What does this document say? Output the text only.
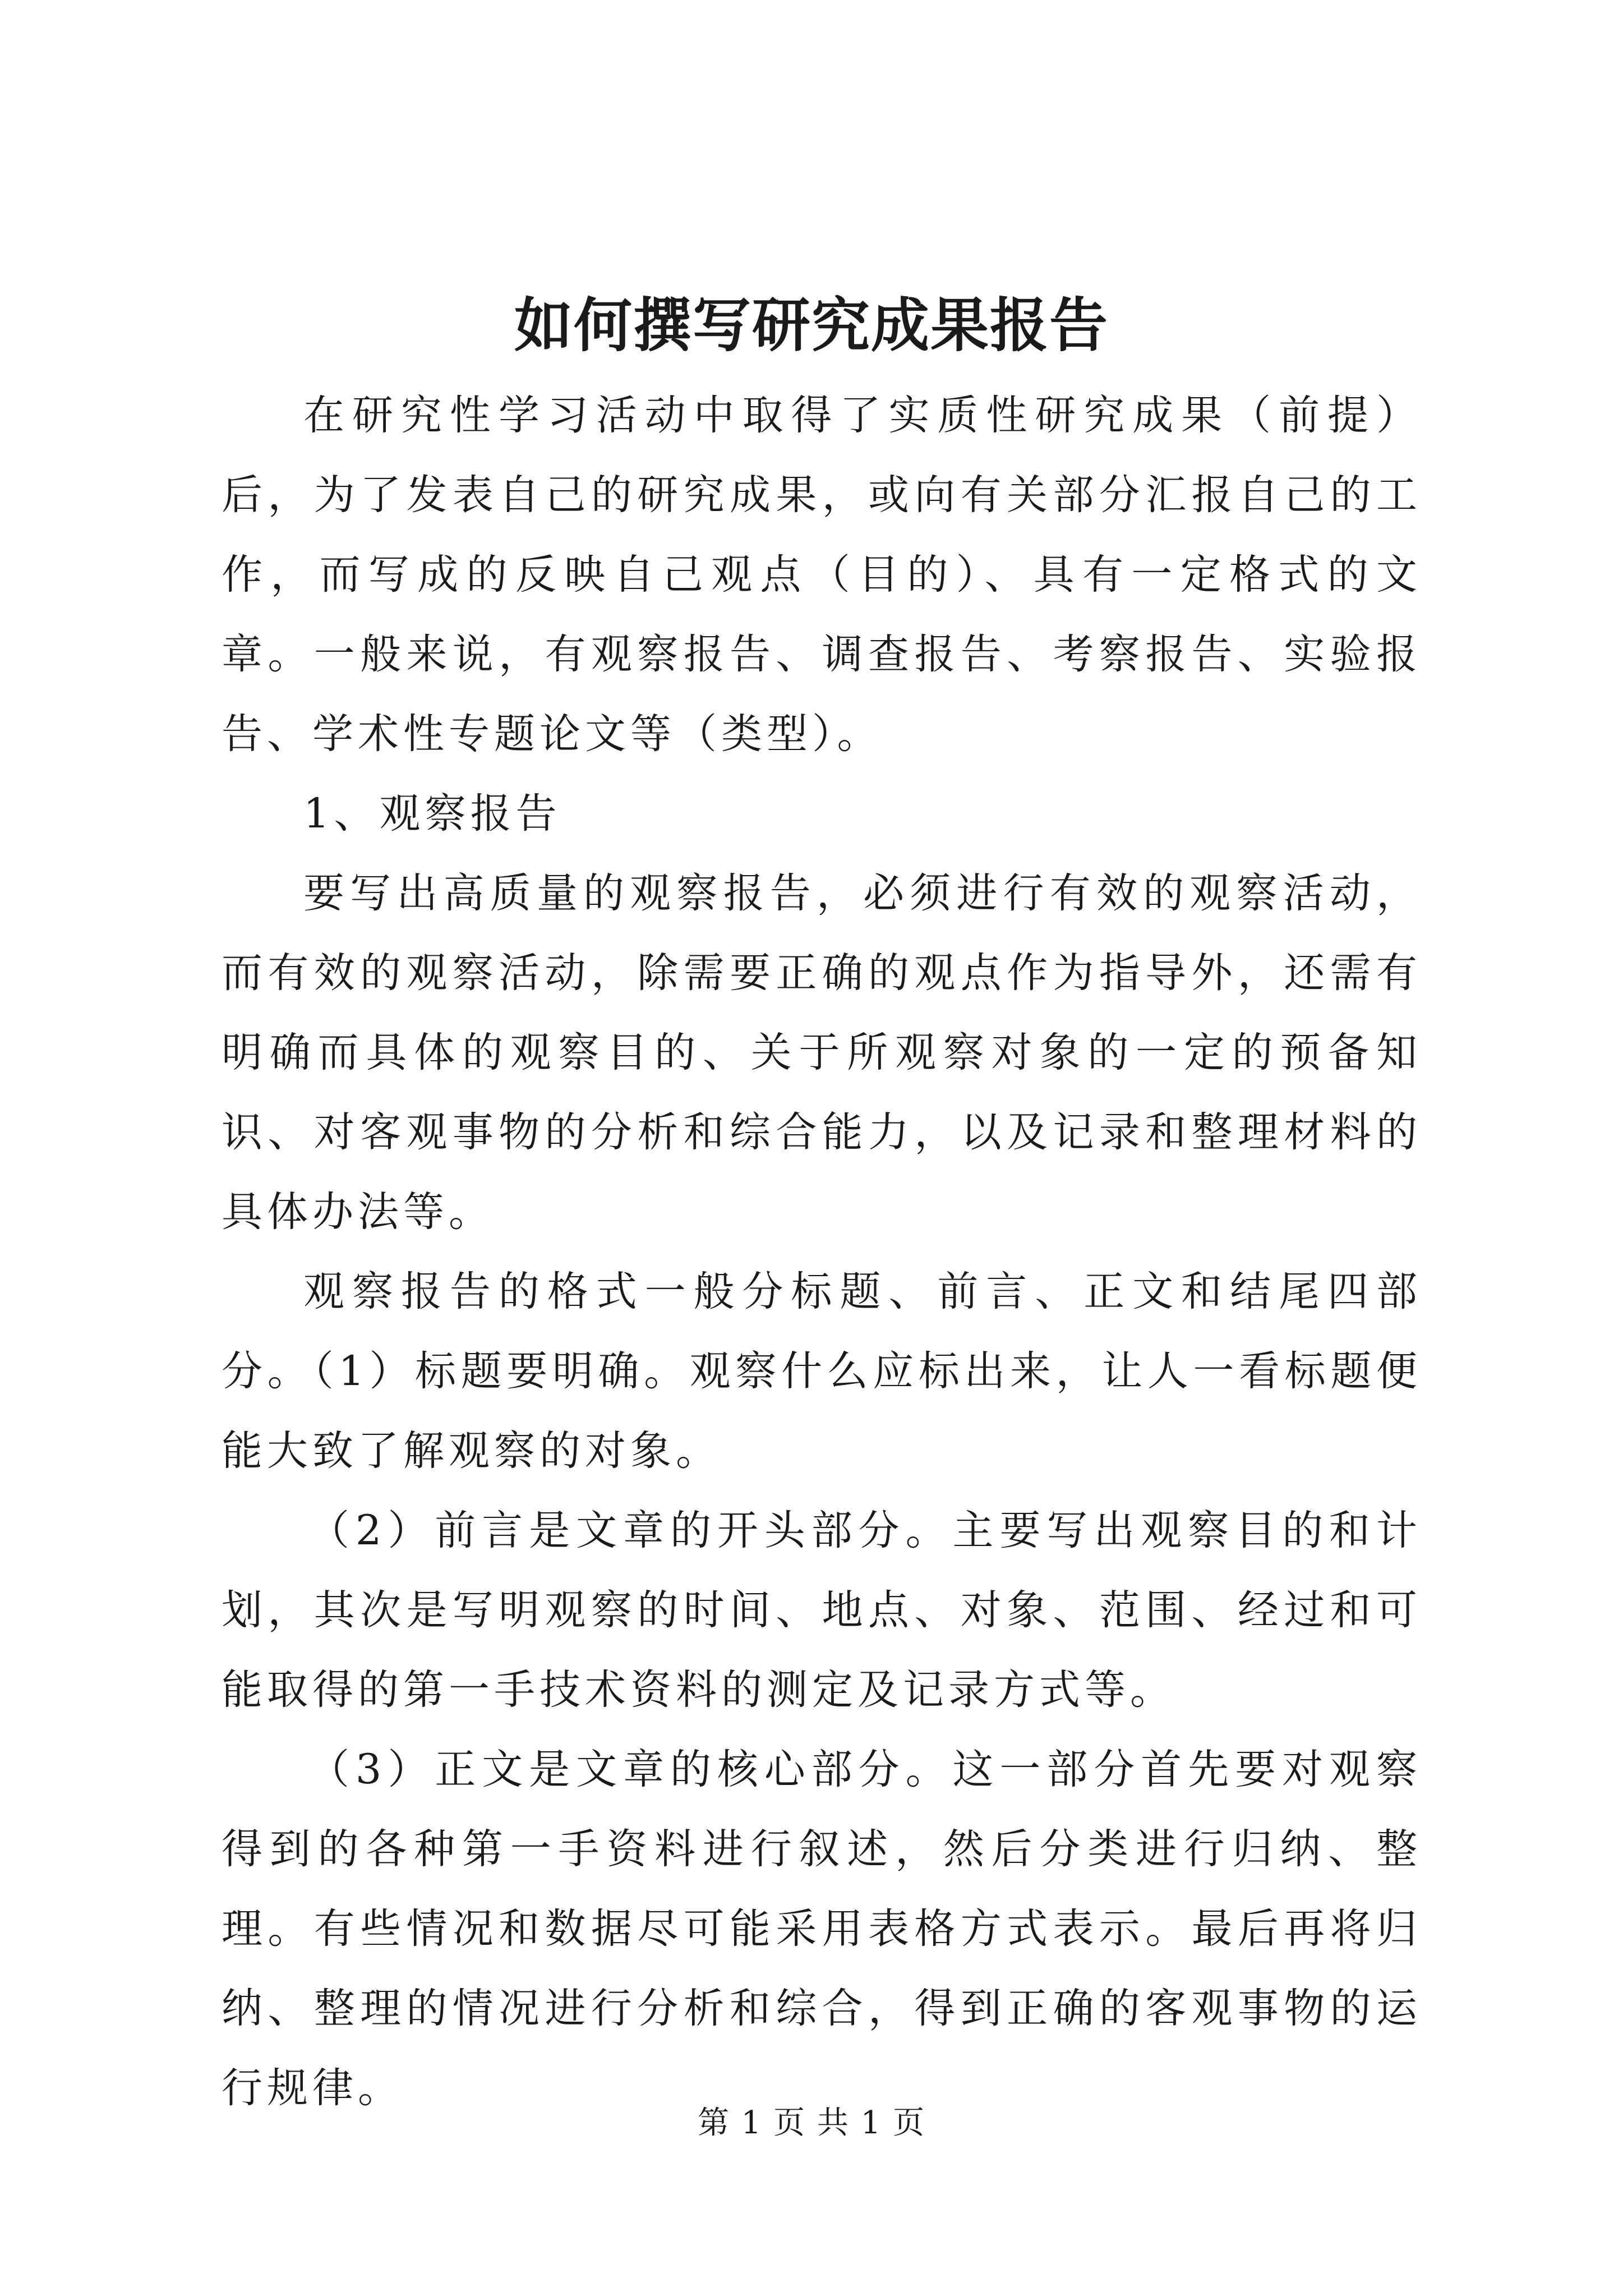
如何撰写研究成果报告

在研究性学习活动中取得了实质性研究成果（前提）后，为了发表自己的研究成果，或向有关部分汇报自己的工作，而写成的反映自己观点（目的）、具有一定格式的文章。一般来说，有观察报告、调查报告、考察报告、实验报告、学术性专题论文等（类型）。

1、观察报告

要写出高质量的观察报告，必须进行有效的观察活动，而有效的观察活动，除需要正确的观点作为指导外，还需有明确而具体的观察目的、关于所观察对象的一定的预备知识、对客观事物的分析和综合能力，以及记录和整理材料的具体办法等。

观察报告的格式一般分标题、前言、正文和结尾四部分。（1）标题要明确。观察什么应标出来，让人一看标题便能大致了解观察的对象。

（2）前言是文章的开头部分。主要写出观察目的和计划，其次是写明观察的时间、地点、对象、范围、经过和可能取得的第一手技术资料的测定及记录方式等。

（3）正文是文章的核心部分。这一部分首先要对观察得到的各种第一手资料进行叙述，然后分类进行归纳、整理。有些情况和数据尽可能采用表格方式表示。最后再将归纳、整理的情况进行分析和综合，得到正确的客观事物的运行规律。

第 1 页 共 1 页
